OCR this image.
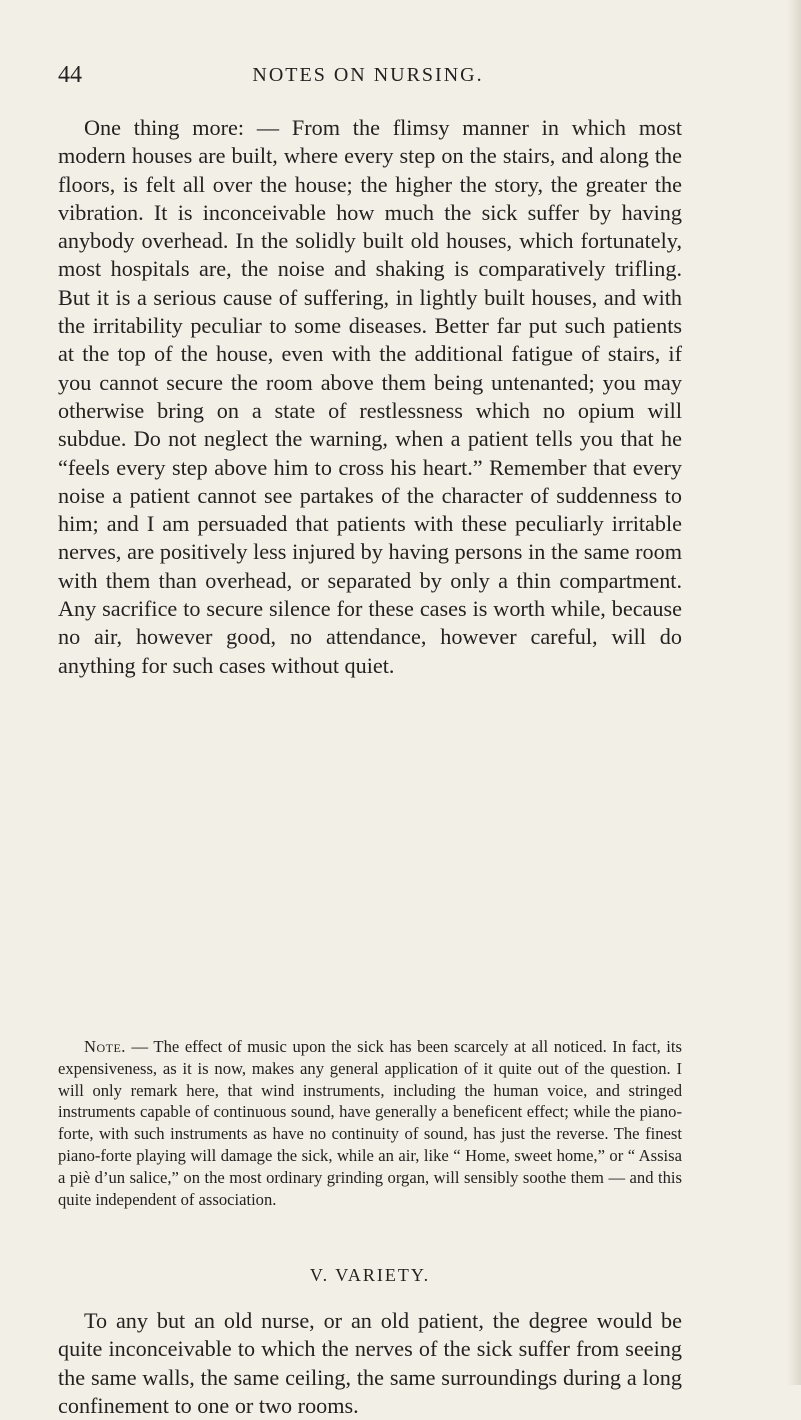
44	NOTES ON NURSING.

One thing more: — From the flimsy manner in which most modern houses are built, where every step on the stairs, and along the floors, is felt all over the house; the higher the story, the greater the vibration. It is inconceivable how much the sick suffer by having anybody overhead. In the solidly built old houses, which fortunately, most hospitals are, the noise and shaking is comparatively trifling. But it is a serious cause of suffering, in lightly built houses, and with the irritability peculiar to some diseases. Better far put such patients at the top of the house, even with the additional fatigue of stairs, if you cannot secure the room above them being untenanted; you may otherwise bring on a state of restlessness which no opium will subdue. Do not neglect the warning, when a patient tells you that he “feels every step above him to cross his heart.” Remember that every noise a patient cannot see partakes of the character of suddenness to him; and I am persuaded that patients with these peculiarly irritable nerves, are positively less injured by having persons in the same room with them than overhead, or separated by only a thin compartment. Any sacrifice to secure silence for these cases is worth while, because no air, however good, no attendance, however careful, will do anything for such cases without quiet.

Note. — The effect of music upon the sick has been scarcely at all noticed. In fact, its expensiveness, as it is now, makes any general application of it quite out of the question. I will only remark here, that wind instruments, including the human voice, and stringed instruments capable of continuous sound, have generally a beneficent effect; while the piano-forte, with such instruments as have no continuity of sound, has just the reverse. The finest piano-forte playing will damage the sick, while an air, like “ Home, sweet home,” or “ Assisa a piè d’un salice,” on the most ordinary grinding organ, will sensibly soothe them — and this quite independent of association.

V. VARIETY.

To any but an old nurse, or an old patient, the degree would be quite inconceivable to which the nerves of the sick suffer from seeing the same walls, the same ceiling, the same surroundings during a long confinement to one or two rooms.
